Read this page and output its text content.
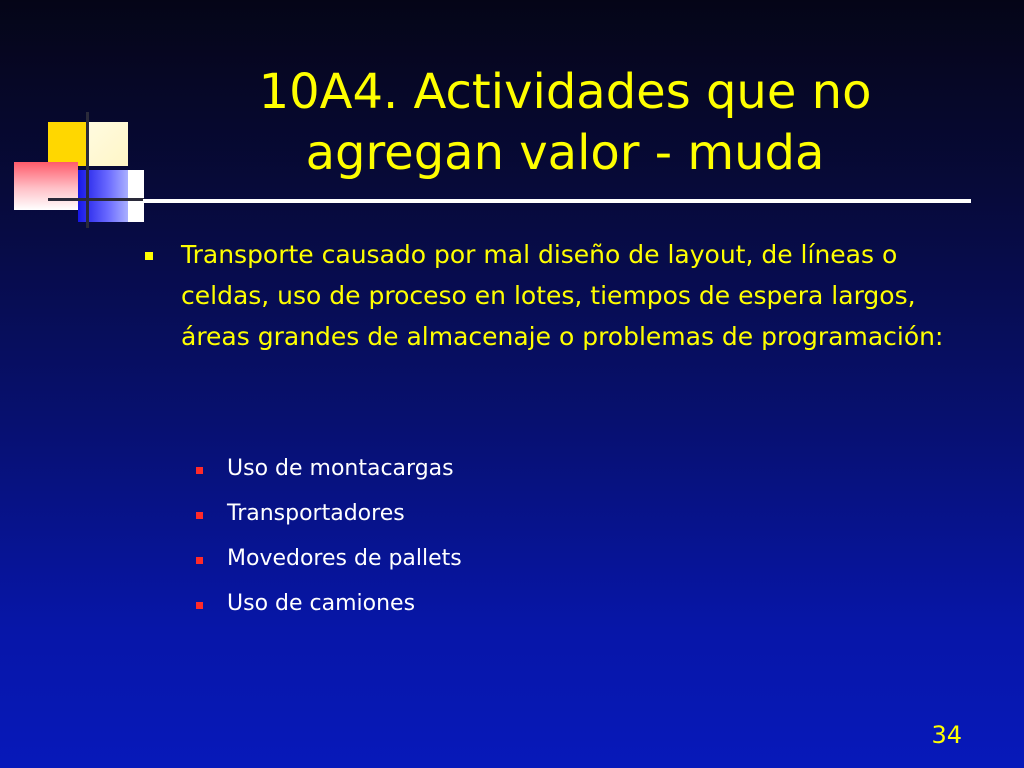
10A4. Actividades que no agregan valor - muda
Transporte causado por mal diseño de layout, de líneas o celdas, uso de proceso en lotes, tiempos de espera largos, áreas grandes de almacenaje o problemas de programación:
Uso de montacargas
Transportadores
Movedores de pallets
Uso de camiones
34
